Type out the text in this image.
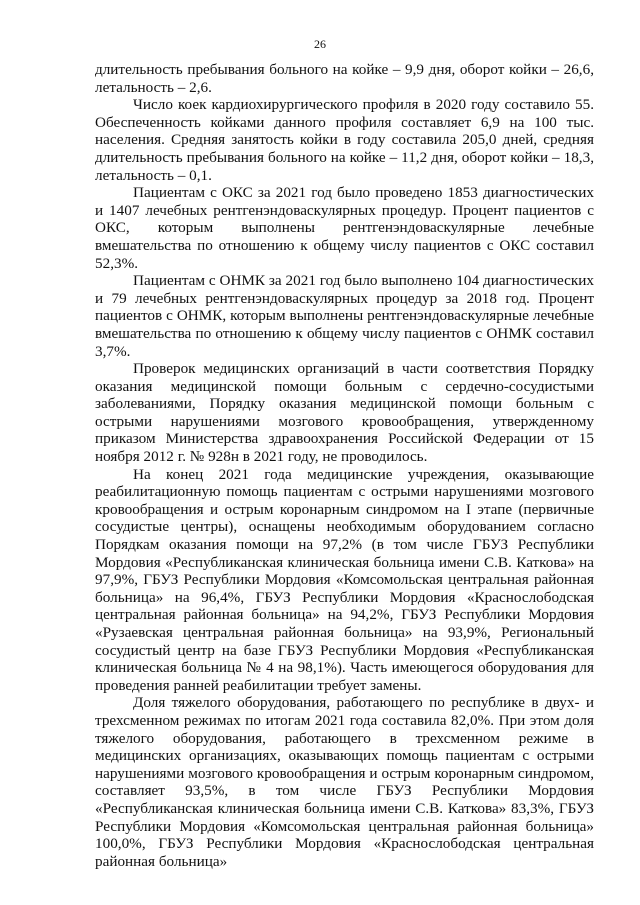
26

длительность пребывания больного на койке – 9,9 дня, оборот койки – 26,6, летальность – 2,6.

Число коек кардиохирургического профиля в 2020 году составило 55. Обеспеченность койками данного профиля составляет 6,9 на 100 тыс. населения. Средняя занятость койки в году составила 205,0 дней, средняя длительность пребывания больного на койке – 11,2 дня, оборот койки – 18,3, летальность – 0,1.

Пациентам с ОКС за 2021 год было проведено 1853 диагностических и 1407 лечебных рентгенэндоваскулярных процедур. Процент пациентов с ОКС, которым выполнены рентгенэндоваскулярные лечебные вмешательства по отношению к общему числу пациентов с ОКС составил 52,3%.

Пациентам с ОНМК за 2021 год было выполнено 104 диагностических и 79 лечебных рентгенэндоваскулярных процедур за 2018 год. Процент пациентов с ОНМК, которым выполнены рентгенэндоваскулярные лечебные вмешательства по отношению к общему числу пациентов с ОНМК составил 3,7%.

Проверок медицинских организаций в части соответствия Порядку оказания медицинской помощи больным с сердечно-сосудистыми заболеваниями, Порядку оказания медицинской помощи больным с острыми нарушениями мозгового кровообращения, утвержденному приказом Министерства здравоохранения Российской Федерации от 15 ноября 2012 г. № 928н в 2021 году, не проводилось.

На конец 2021 года медицинские учреждения, оказывающие реабилитационную помощь пациентам с острыми нарушениями мозгового кровообращения и острым коронарным синдромом на I этапе (первичные сосудистые центры), оснащены необходимым оборудованием согласно Порядкам оказания помощи на 97,2% (в том числе ГБУЗ Республики Мордовия «Республиканская клиническая больница имени С.В. Каткова» на 97,9%, ГБУЗ Республики Мордовия «Комсомольская центральная районная больница» на 96,4%, ГБУЗ Республики Мордовия «Краснослободская центральная районная больница» на 94,2%, ГБУЗ Республики Мордовия «Рузаевская центральная районная больница» на 93,9%, Региональный сосудистый центр на базе ГБУЗ Республики Мордовия «Республиканская клиническая больница № 4 на 98,1%). Часть имеющегося оборудования для проведения ранней реабилитации требует замены.

Доля тяжелого оборудования, работающего по республике в двух- и трехсменном режимах по итогам 2021 года составила 82,0%. При этом доля тяжелого оборудования, работающего в трехсменном режиме в медицинских организациях, оказывающих помощь пациентам с острыми нарушениями мозгового кровообращения и острым коронарным синдромом, составляет 93,5%, в том числе ГБУЗ Республики Мордовия «Республиканская клиническая больница имени С.В. Каткова» 83,3%, ГБУЗ Республики Мордовия «Комсомольская центральная районная больница» 100,0%, ГБУЗ Республики Мордовия «Краснослободская центральная районная больница»
